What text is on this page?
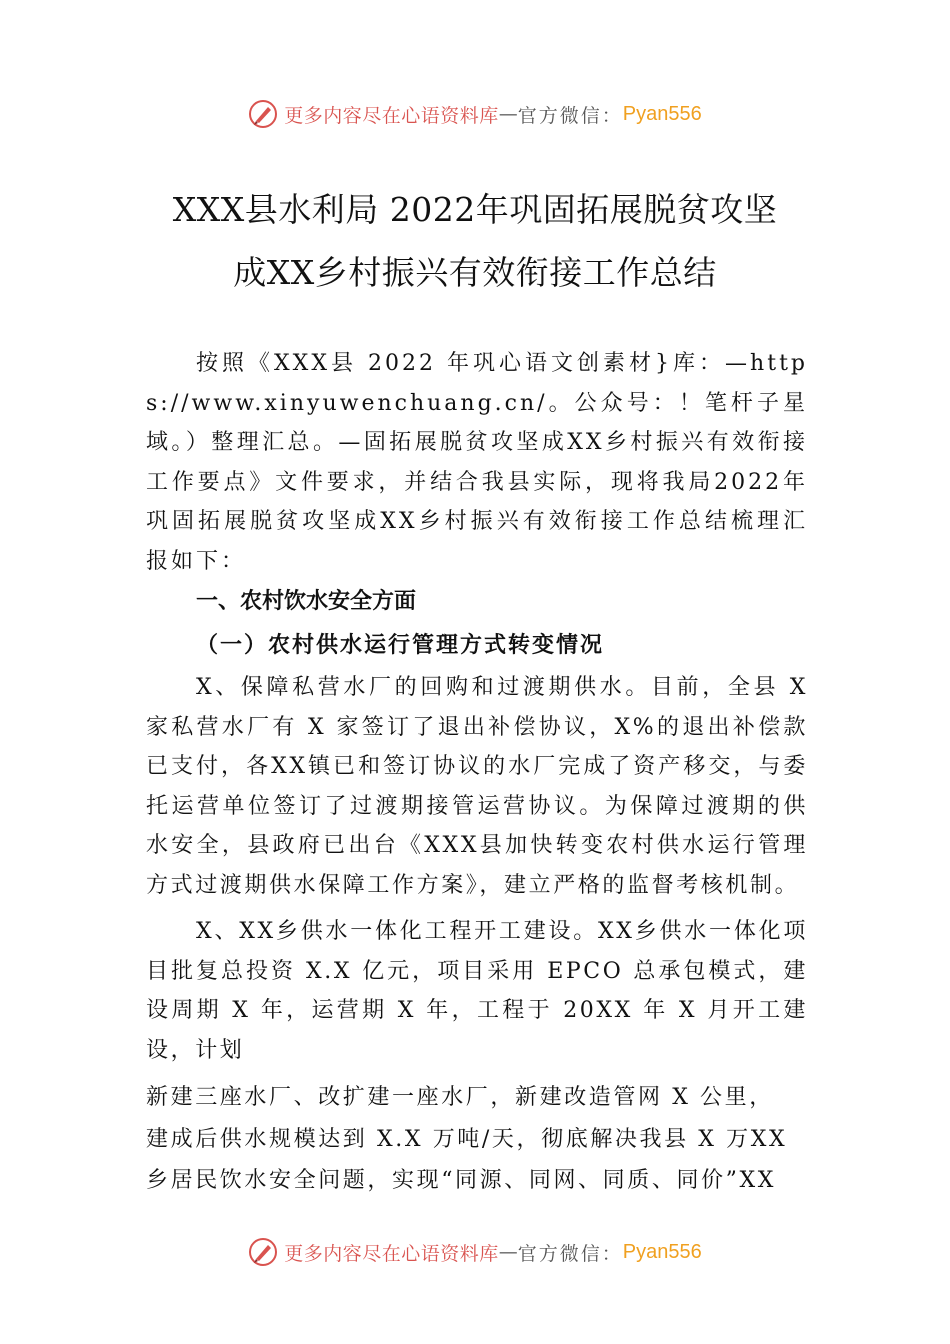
更多内容尽在心语资料库 — 官方微信： Pyan556
XXX县水利局 2022年巩固拓展脱贫攻坚
成XX乡村振兴有效衔接工作总结

按照《XXX县 2022 年巩心语文创素材}库：—https://www.xinyuwenchuang.cn/。公众号：！笔杆子星域。）整理汇总。—固拓展脱贫攻坚成XX乡村振兴有效衔接工作要点》文件要求，并结合我县实际，现将我局2022年巩固拓展脱贫攻坚成XX乡村振兴有效衔接工作总结梳理汇报如下：

一、农村饮水安全方面
（一）农村供水运行管理方式转变情况

X、保障私营水厂的回购和过渡期供水。目前，全县 X 家私营水厂有 X 家签订了退出补偿协议，X%的退出补偿款已支付，各XX镇已和签订协议的水厂完成了资产移交，与委托运营单位签订了过渡期接管运营协议。为保障过渡期的供水安全，县政府已出台《XXX县加快转变农村供水运行管理方式过渡期供水保障工作方案》，建立严格的监督考核机制。

X、XX乡供水一体化工程开工建设。XX乡供水一体化项目批复总投资 X.X 亿元，项目采用 EPCO 总承包模式，建设周期 X 年，运营期 X 年，工程于 20XX 年 X 月开工建设，计划

新建三座水厂、改扩建一座水厂，新建改造管网 X 公里，

建成后供水规模达到 X.X 万吨/天，彻底解决我县 X 万XX

乡居民饮水安全问题，实现“同源、同网、同质、同价”XX

更多内容尽在心语资料库 — 官方微信： Pyan556
